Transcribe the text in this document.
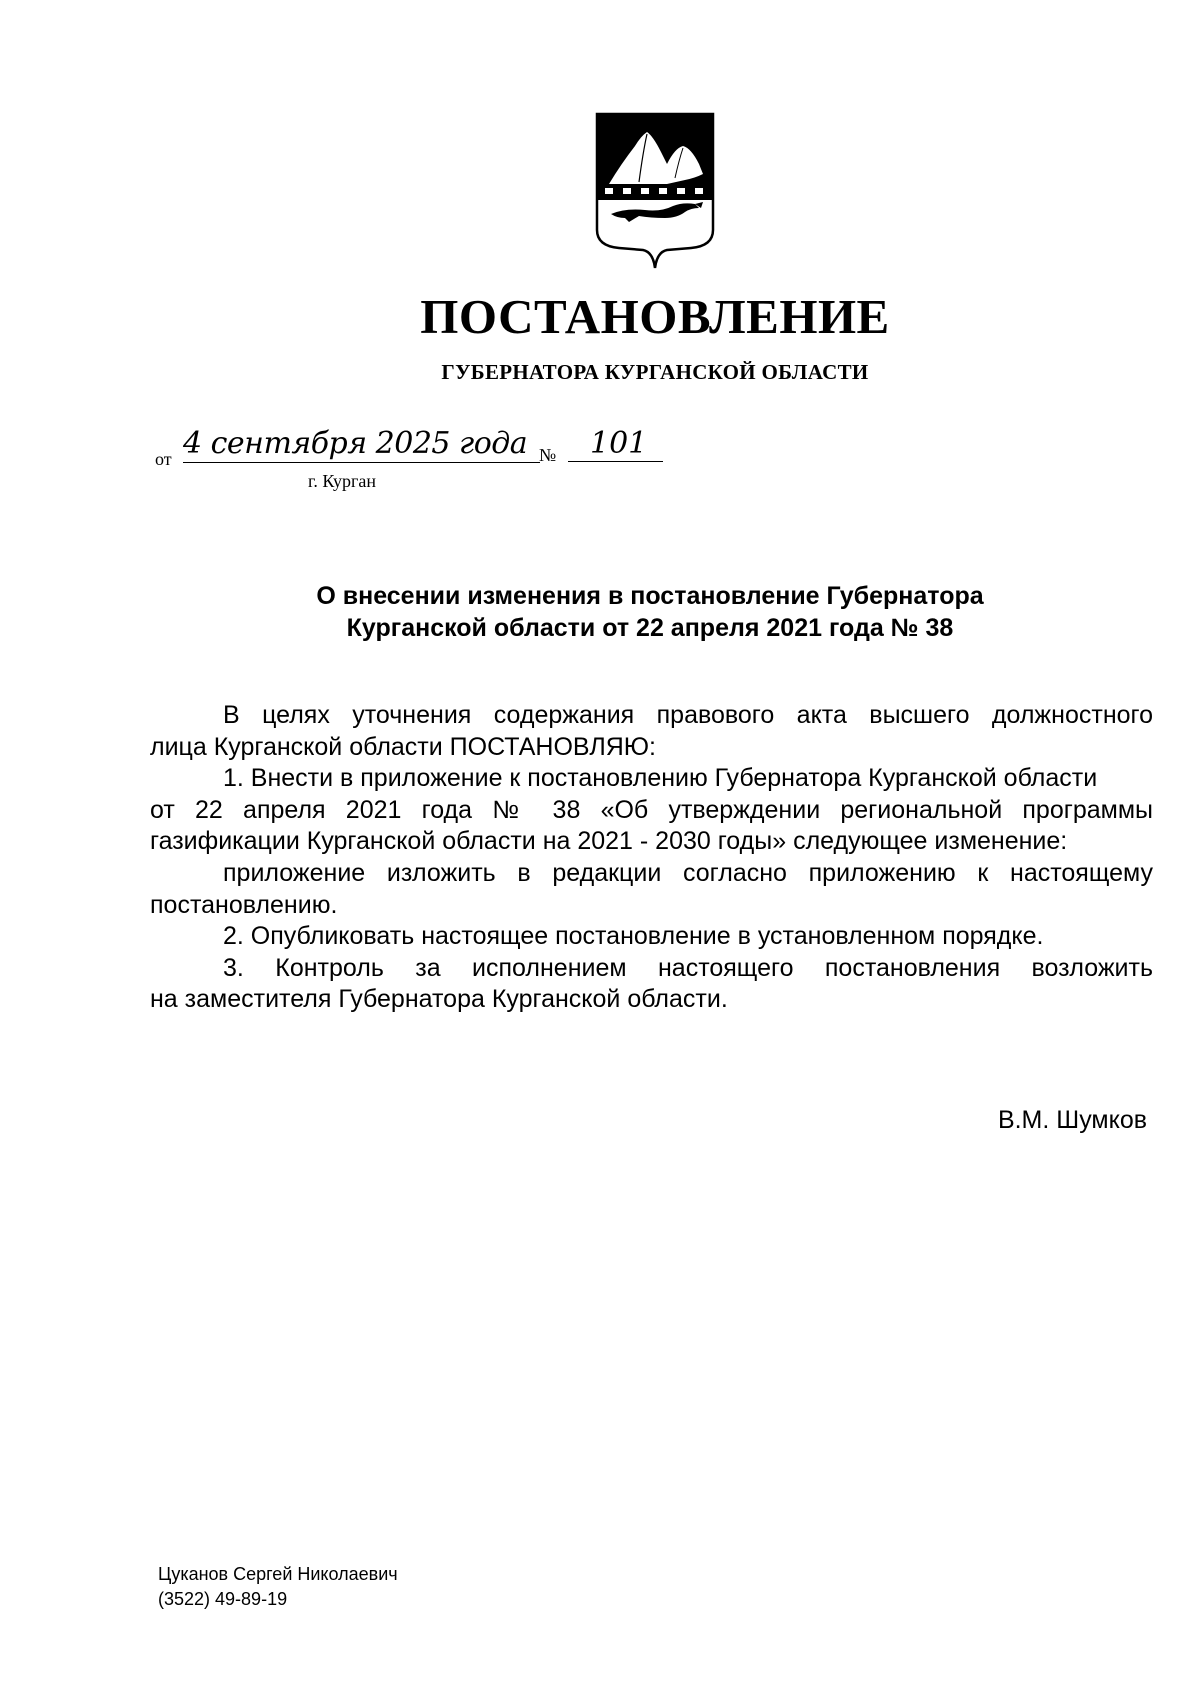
ПОСТАНОВЛЕНИЕ
ГУБЕРНАТОРА КУРГАНСКОЙ ОБЛАСТИ
от 4 сентября 2025 года №	101
г. Курган
О внесении изменения в постановление Губернатора
Курганской области от 22 апреля 2021 года № 38
В целях уточнения содержания правового акта высшего должностного
лица Курганской области ПОСТАНОВЛЯЮ:
1. Внести в приложение к постановлению Губернатора Курганской области
от 22 апреля 2021 года № 38 «Об утверждении региональной программы
газификации Курганской области на 2021 - 2030 годы» следующее изменение:
приложение изложить в редакции согласно приложению к настоящему
постановлению.
2. Опубликовать настоящее постановление в установленном порядке.
3. Контроль за исполнением настоящего постановления возложить
на заместителя Губернатора Курганской области.
В.М. Шумков
Цуканов Сергей Николаевич
(3522) 49-89-19
